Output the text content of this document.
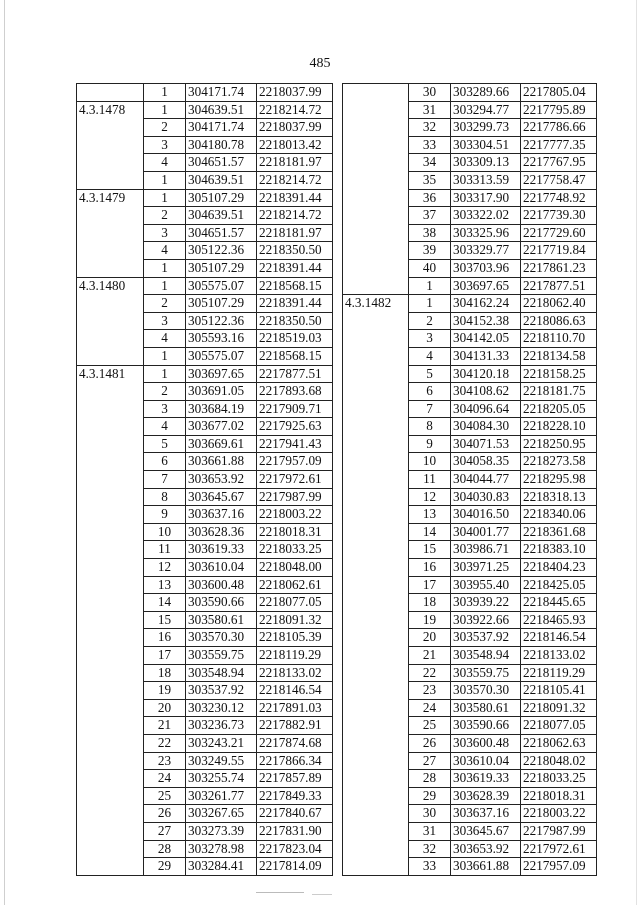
485
	1	304171.74	2218037.99
4.3.1478	1	304639.51	2218214.72
	2	304171.74	2218037.99
	3	304180.78	2218013.42
	4	304651.57	2218181.97
	1	304639.51	2218214.72
4.3.1479	1	305107.29	2218391.44
	2	304639.51	2218214.72
	3	304651.57	2218181.97
	4	305122.36	2218350.50
	1	305107.29	2218391.44
4.3.1480	1	305575.07	2218568.15
	2	305107.29	2218391.44
	3	305122.36	2218350.50
	4	305593.16	2218519.03
	1	305575.07	2218568.15
4.3.1481	1	303697.65	2217877.51
	2	303691.05	2217893.68
	3	303684.19	2217909.71
	4	303677.02	2217925.63
	5	303669.61	2217941.43
	6	303661.88	2217957.09
	7	303653.92	2217972.61
	8	303645.67	2217987.99
	9	303637.16	2218003.22
	10	303628.36	2218018.31
	11	303619.33	2218033.25
	12	303610.04	2218048.00
	13	303600.48	2218062.61
	14	303590.66	2218077.05
	15	303580.61	2218091.32
	16	303570.30	2218105.39
	17	303559.75	2218119.29
	18	303548.94	2218133.02
	19	303537.92	2218146.54
	20	303230.12	2217891.03
	21	303236.73	2217882.91
	22	303243.21	2217874.68
	23	303249.55	2217866.34
	24	303255.74	2217857.89
	25	303261.77	2217849.33
	26	303267.65	2217840.67
	27	303273.39	2217831.90
	28	303278.98	2217823.04
	29	303284.41	2217814.09
	30	303289.66	2217805.04
	31	303294.77	2217795.89
	32	303299.73	2217786.66
	33	303304.51	2217777.35
	34	303309.13	2217767.95
	35	303313.59	2217758.47
	36	303317.90	2217748.92
	37	303322.02	2217739.30
	38	303325.96	2217729.60
	39	303329.77	2217719.84
	40	303703.96	2217861.23
	1	303697.65	2217877.51
4.3.1482	1	304162.24	2218062.40
	2	304152.38	2218086.63
	3	304142.05	2218110.70
	4	304131.33	2218134.58
	5	304120.18	2218158.25
	6	304108.62	2218181.75
	7	304096.64	2218205.05
	8	304084.30	2218228.10
	9	304071.53	2218250.95
	10	304058.35	2218273.58
	11	304044.77	2218295.98
	12	304030.83	2218318.13
	13	304016.50	2218340.06
	14	304001.77	2218361.68
	15	303986.71	2218383.10
	16	303971.25	2218404.23
	17	303955.40	2218425.05
	18	303939.22	2218445.65
	19	303922.66	2218465.93
	20	303537.92	2218146.54
	21	303548.94	2218133.02
	22	303559.75	2218119.29
	23	303570.30	2218105.41
	24	303580.61	2218091.32
	25	303590.66	2218077.05
	26	303600.48	2218062.63
	27	303610.04	2218048.02
	28	303619.33	2218033.25
	29	303628.39	2218018.31
	30	303637.16	2218003.22
	31	303645.67	2217987.99
	32	303653.92	2217972.61
	33	303661.88	2217957.09
